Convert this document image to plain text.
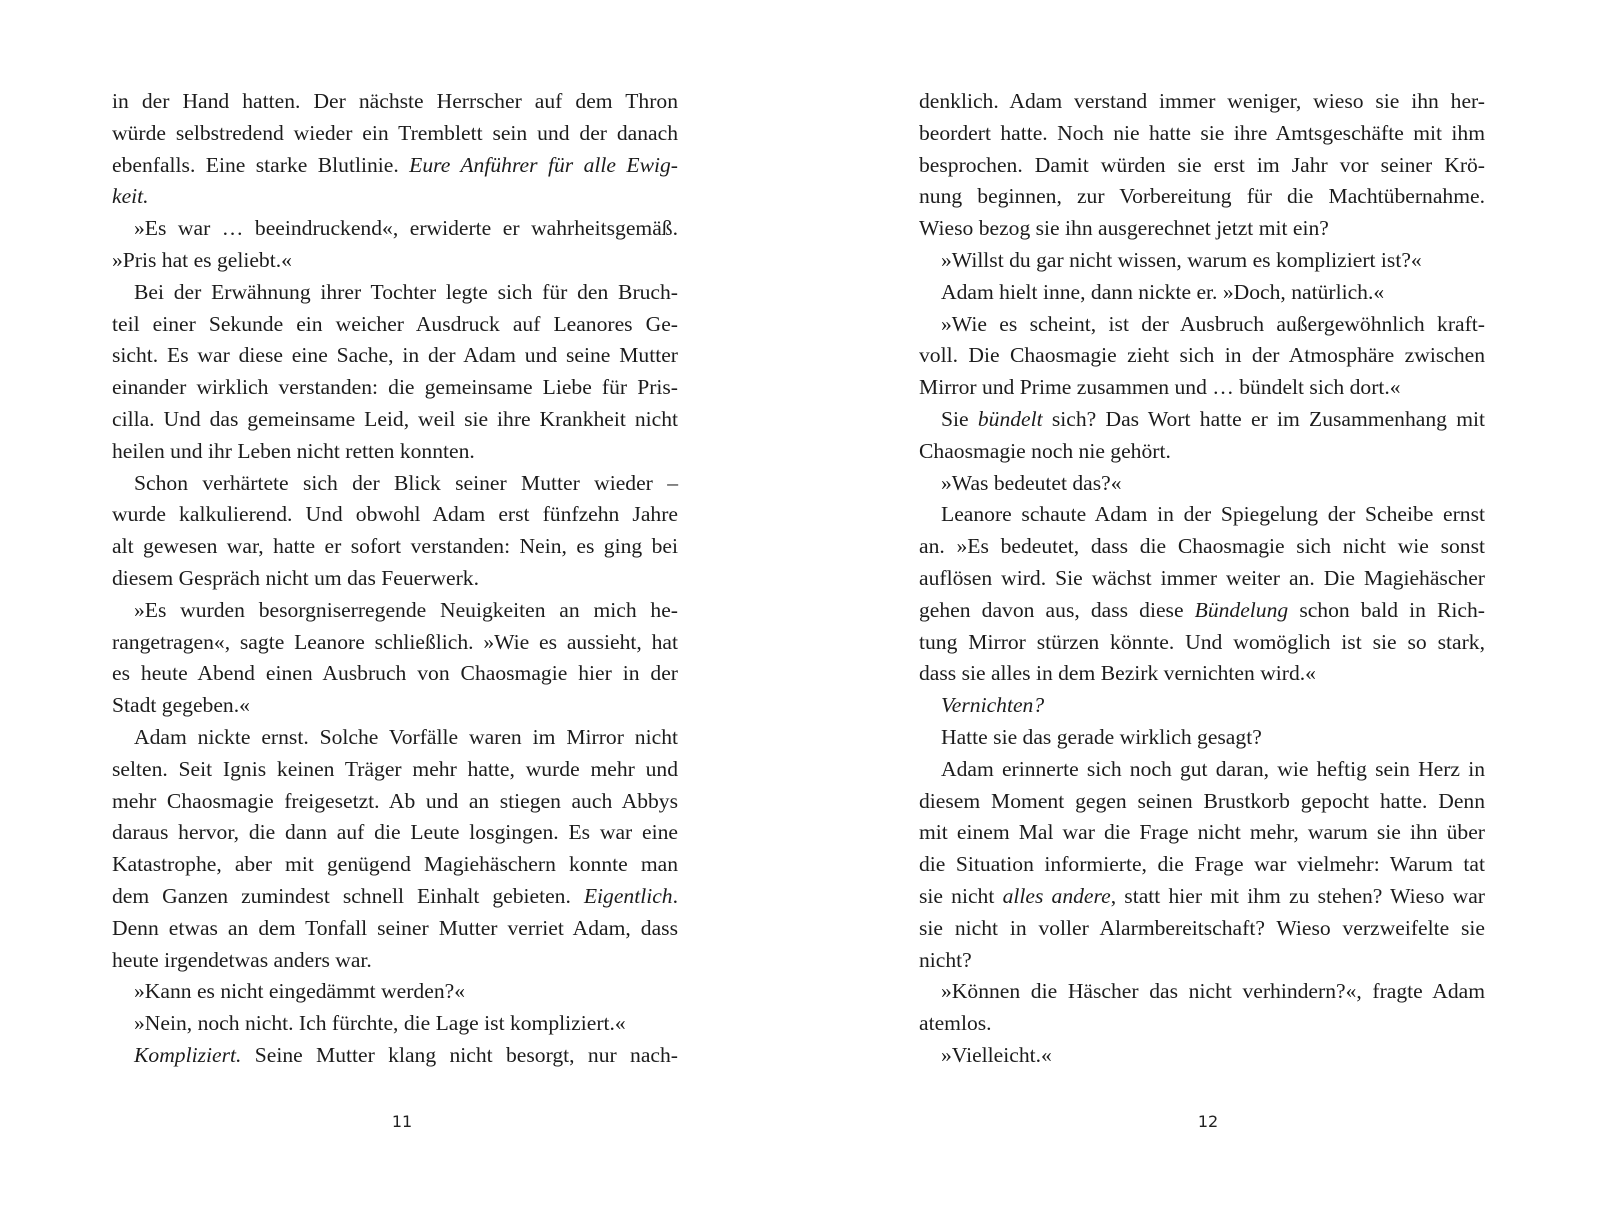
in der Hand hatten. Der nächste Herrscher auf dem Thron
würde selbstredend wieder ein Tremblett sein und der danach
ebenfalls. Eine starke Blutlinie. Eure Anführer für alle Ewig-
keit.
»Es war … beeindruckend«, erwiderte er wahrheitsgemäß.
»Pris hat es geliebt.«
Bei der Erwähnung ihrer Tochter legte sich für den Bruch-
teil einer Sekunde ein weicher Ausdruck auf Leanores Ge-
sicht. Es war diese eine Sache, in der Adam und seine Mutter
einander wirklich verstanden: die gemeinsame Liebe für Pris-
cilla. Und das gemeinsame Leid, weil sie ihre Krankheit nicht
heilen und ihr Leben nicht retten konnten.
Schon verhärtete sich der Blick seiner Mutter wieder –
wurde kalkulierend. Und obwohl Adam erst fünfzehn Jahre
alt gewesen war, hatte er sofort verstanden: Nein, es ging bei
diesem Gespräch nicht um das Feuerwerk.
»Es wurden besorgniserregende Neuigkeiten an mich he-
rangetragen«, sagte Leanore schließlich. »Wie es aussieht, hat
es heute Abend einen Ausbruch von Chaosmagie hier in der
Stadt gegeben.«
Adam nickte ernst. Solche Vorfälle waren im Mirror nicht
selten. Seit Ignis keinen Träger mehr hatte, wurde mehr und
mehr Chaosmagie freigesetzt. Ab und an stiegen auch Abbys
daraus hervor, die dann auf die Leute losgingen. Es war eine
Katastrophe, aber mit genügend Magiehäschern konnte man
dem Ganzen zumindest schnell Einhalt gebieten. Eigentlich.
Denn etwas an dem Tonfall seiner Mutter verriet Adam, dass
heute irgendetwas anders war.
»Kann es nicht eingedämmt werden?«
»Nein, noch nicht. Ich fürchte, die Lage ist kompliziert.«
Kompliziert. Seine Mutter klang nicht besorgt, nur nach-
11
denklich. Adam verstand immer weniger, wieso sie ihn her-
beordert hatte. Noch nie hatte sie ihre Amtsgeschäfte mit ihm
besprochen. Damit würden sie erst im Jahr vor seiner Krö-
nung beginnen, zur Vorbereitung für die Machtübernahme.
Wieso bezog sie ihn ausgerechnet jetzt mit ein?
»Willst du gar nicht wissen, warum es kompliziert ist?«
Adam hielt inne, dann nickte er. »Doch, natürlich.«
»Wie es scheint, ist der Ausbruch außergewöhnlich kraft-
voll. Die Chaosmagie zieht sich in der Atmosphäre zwischen
Mirror und Prime zusammen und … bündelt sich dort.«
Sie bündelt sich? Das Wort hatte er im Zusammenhang mit
Chaosmagie noch nie gehört.
»Was bedeutet das?«
Leanore schaute Adam in der Spiegelung der Scheibe ernst
an. »Es bedeutet, dass die Chaosmagie sich nicht wie sonst
auflösen wird. Sie wächst immer weiter an. Die Magiehäscher
gehen davon aus, dass diese Bündelung schon bald in Rich-
tung Mirror stürzen könnte. Und womöglich ist sie so stark,
dass sie alles in dem Bezirk vernichten wird.«
Vernichten?
Hatte sie das gerade wirklich gesagt?
Adam erinnerte sich noch gut daran, wie heftig sein Herz in
diesem Moment gegen seinen Brustkorb gepocht hatte. Denn
mit einem Mal war die Frage nicht mehr, warum sie ihn über
die Situation informierte, die Frage war vielmehr: Warum tat
sie nicht alles andere, statt hier mit ihm zu stehen? Wieso war
sie nicht in voller Alarmbereitschaft? Wieso verzweifelte sie
nicht?
»Können die Häscher das nicht verhindern?«, fragte Adam
atemlos.
»Vielleicht.«
12
